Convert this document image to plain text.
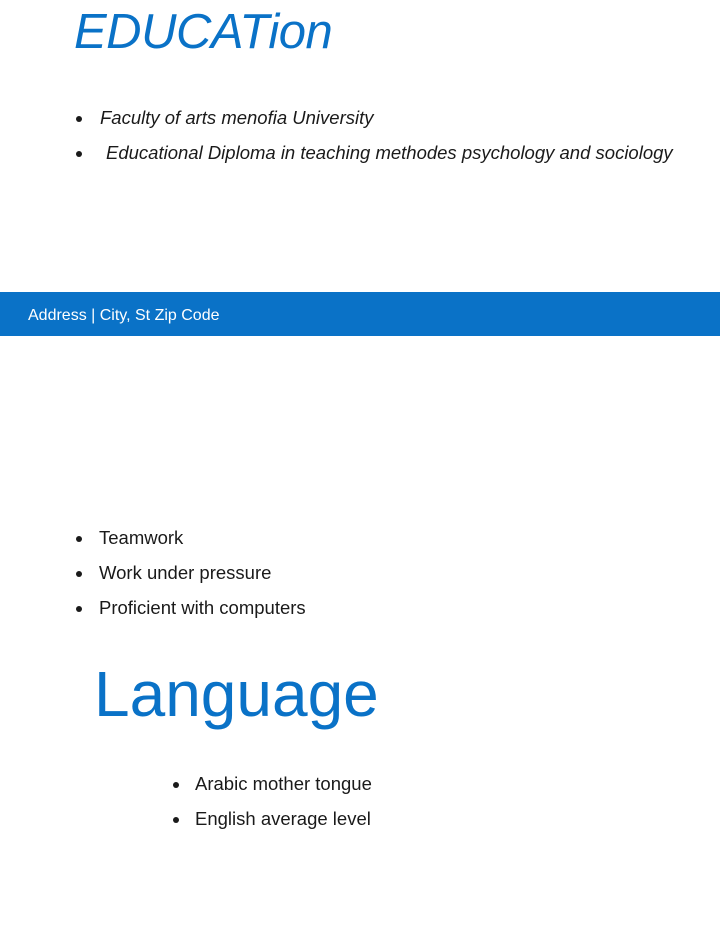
EDUCATion
Faculty of arts menofia University
Educational Diploma in teaching methodes psychology and sociology
Address | City, St Zip Code
Teamwork
Work under pressure
Proficient with computers
Language
Arabic mother tongue
English average level
